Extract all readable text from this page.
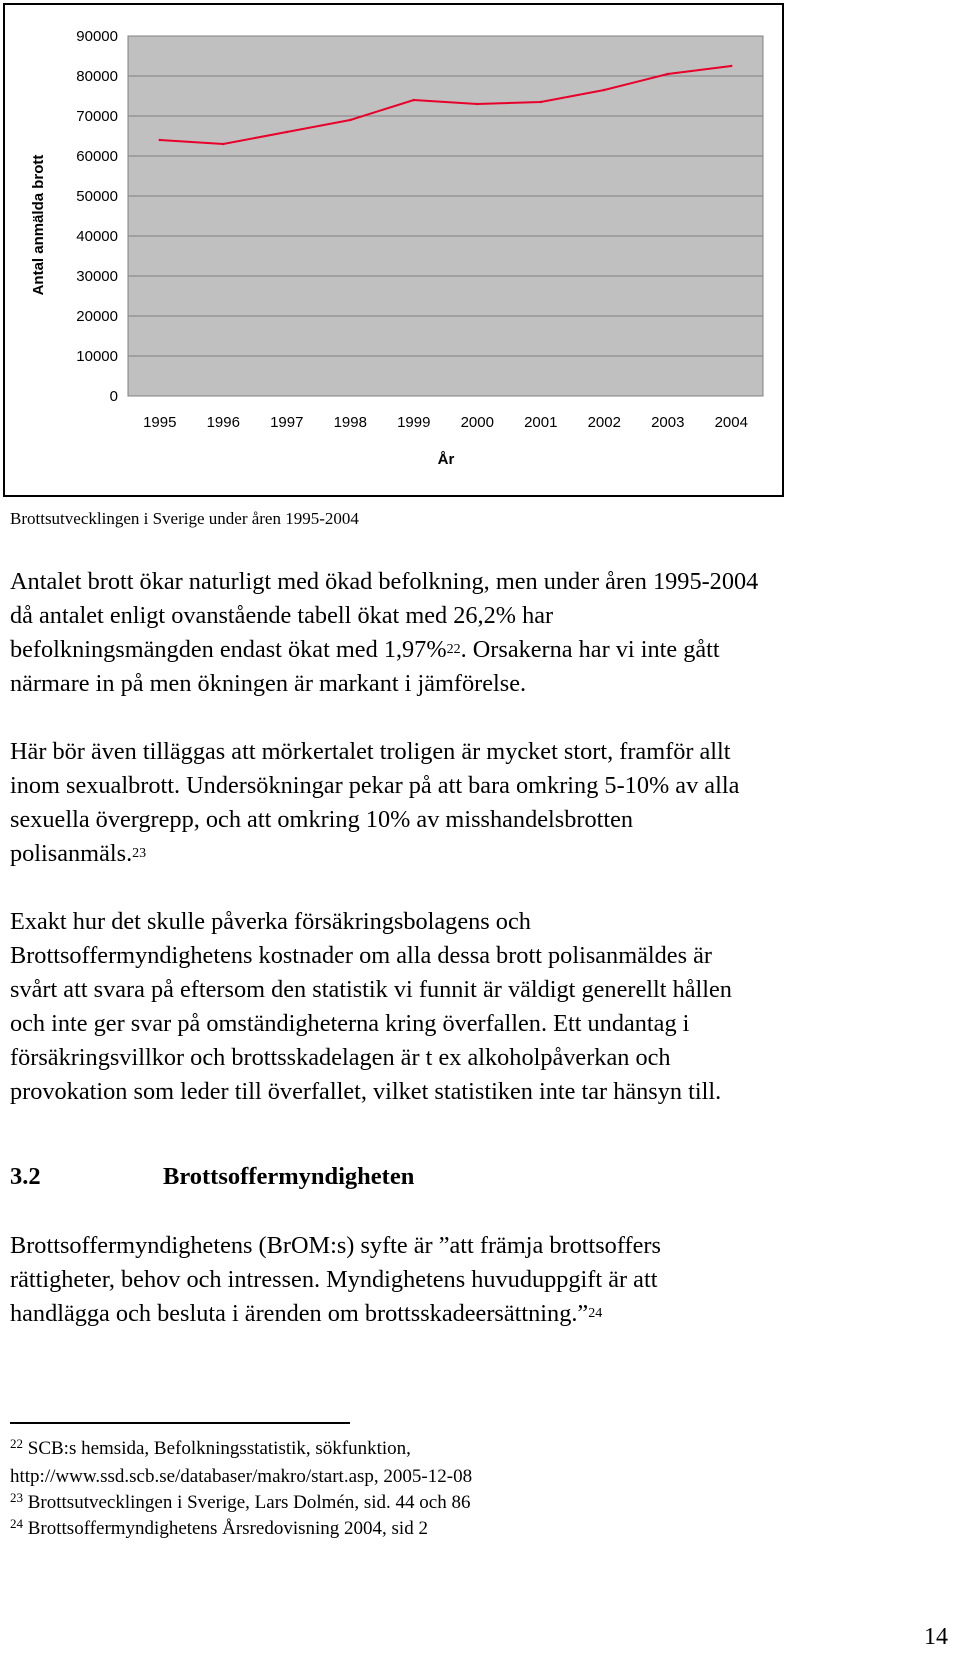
0
10000
20000
30000
40000
50000
60000
70000
80000
90000
1995 1996 1997 1998 1999 2000 2001 2002 2003 2004
Antal anmälda brott
År
Brottsutvecklingen i Sverige under åren 1995-2004
Antalet brott ökar naturligt med ökad befolkning, men under åren 1995-2004
då antalet enligt ovanstående tabell ökat med 26,2% har
befolkningsmängden endast ökat med 1,97%$^{22}$. Orsakerna har vi inte gått
närmare in på men ökningen är markant i jämförelse.
Här bör även tilläggas att mörkertalet troligen är mycket stort, framför allt
inom sexualbrott. Undersökningar pekar på att bara omkring 5-10% av alla
sexuella övergrepp, och att omkring 10% av misshandelsbrotten
polisanmäls.$^{23}$
Exakt hur det skulle påverka försäkringsbolagens och
Brottsoffermyndighetens kostnader om alla dessa brott polisanmäldes är
svårt att svara på eftersom den statistik vi funnit är väldigt generellt hållen
och inte ger svar på omständigheterna kring överfallen. Ett undantag i
försäkringsvillkor och brottsskadelagen är t ex alkoholpåverkan och
provokation som leder till överfallet, vilket statistiken inte tar hänsyn till.
3.2	Brottsoffermyndigheten
Brottsoffermyndighetens (BrOM:s) syfte är ”att främja brottsoffers
rättigheter, behov och intressen. Myndighetens huvuduppgift är att
handlägga och besluta i ärenden om brottsskadeersättning.”$^{24}$
$^{22}$ SCB:s hemsida, Befolkningsstatistik, sökfunktion,
http://www.ssd.scb.se/databaser/makro/start.asp, 2005-12-08
$^{23}$ Brottsutvecklingen i Sverige, Lars Dolmén, sid. 44 och 86
$^{24}$ Brottsoffermyndighetens Årsredovisning 2004, sid 2
14
